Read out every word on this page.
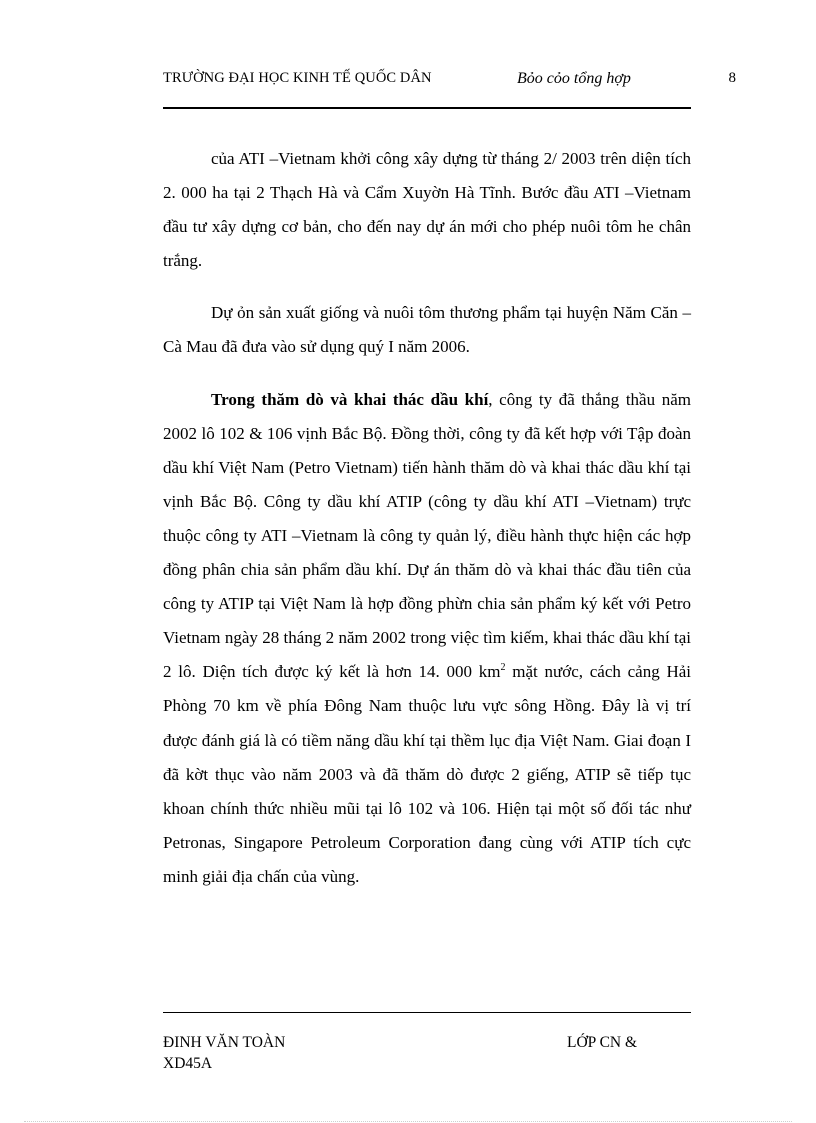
TRƯỜNG ĐẠI HỌC KINH TẾ QUỐC DÂN	Bỏo cỏo tổng hợp	8

của ATI –Vietnam khởi công xây dựng từ tháng 2/ 2003 trên diện tích 2. 000 ha tại 2 Thạch Hà và Cẩm Xuyờn Hà Tĩnh. Bước đầu ATI –Vietnam đầu tư xây dựng cơ bản, cho đến nay dự án mới cho phép nuôi tôm he chân trắng.

Dự ỏn sản xuất giống và nuôi tôm thương phẩm tại huyện Năm Căn – Cà Mau đã đưa vào sử dụng quý I năm 2006.

Trong thăm dò và khai thác dầu khí, công ty đã thắng thầu năm 2002 lô 102 & 106 vịnh Bắc Bộ. Đồng thời, công ty đã kết hợp với Tập đoàn dầu khí Việt Nam (Petro Vietnam) tiến hành thăm dò và khai thác dầu khí tại vịnh Bắc Bộ. Công ty dầu khí ATIP (công ty dầu khí ATI –Vietnam) trực thuộc công ty ATI –Vietnam là công ty quản lý, điều hành thực hiện các hợp đồng phân chia sản phẩm dầu khí. Dự án thăm dò và khai thác đầu tiên của công ty ATIP tại Việt Nam là hợp đồng phừn chia sản phẩm ký kết với Petro Vietnam ngày 28 tháng 2 năm 2002 trong việc tìm kiếm, khai thác dầu khí tại 2 lô. Diện tích được ký kết là hơn 14. 000 $km^2$ mặt nước, cách cảng Hải Phòng 70 km về phía Đông Nam thuộc lưu vực sông Hồng. Đây là vị trí được đánh giá là có tiềm năng dầu khí tại thềm lục địa Việt Nam. Giai đoạn I đã kờt thục vào năm 2003 và đã thăm dò được 2 giếng, ATIP sẽ tiếp tục khoan chính thức nhiều mũi tại lô 102 và 106. Hiện tại một số đối tác như Petronas, Singapore Petroleum Corporation đang cùng với ATIP tích cực minh giải địa chấn của vùng.

ĐINH VĂN TOÀN	LỚP CN &
XD45A
